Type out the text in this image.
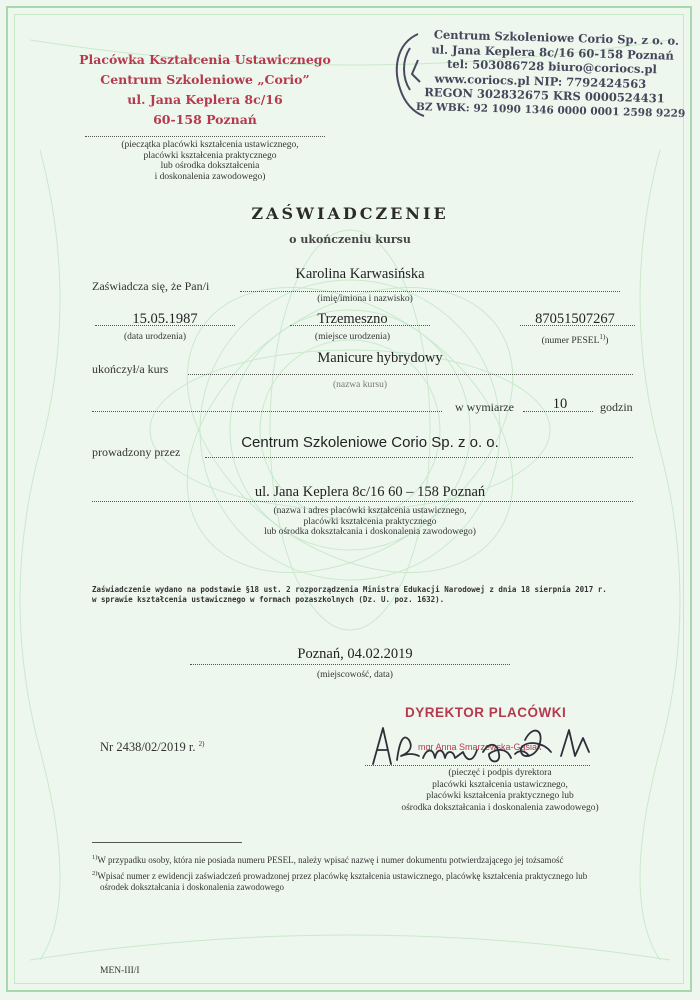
Placówka Kształcenia Ustawicznego
Centrum Szkoleniowe „Corio”
ul. Jana Keplera 8c/16
60-158 Poznań
(pieczątka placówki kształcenia ustawicznego,
placówki kształcenia praktycznego
lub ośrodka dokształcenia
i doskonalenia zawodowego)
Centrum Szkoleniowe Corio Sp. z o. o.
ul. Jana Keplera 8c/16 60-158 Poznań
tel: 503086728 biuro@coriocs.pl
www.coriocs.pl NIP: 7792424563
REGON 302832675 KRS 0000524431
BZ WBK: 92 1090 1346 0000 0001 2598 9229
ZAŚWIADCZENIE
o ukończeniu kursu
Zaświadcza się, że Pan/i
Karolina Karwasińska
(imię/imiona i nazwisko)
15.05.1987
(data urodzenia)
Trzemeszno
(miejsce urodzenia)
87051507267
(numer PESEL$^{1)}$)
ukończył/a kurs
Manicure hybrydowy
(nazwa kursu)
w wymiarze	10	godzin
prowadzony przez
Centrum Szkoleniowe Corio Sp. z o. o.
ul. Jana Keplera 8c/16 60 – 158 Poznań
(nazwa i adres placówki kształcenia ustawicznego,
placówki kształcenia praktycznego
lub ośrodka dokształcania i doskonalenia zawodowego)
Zaświadczenie wydano na podstawie §18 ust. 2 rozporządzenia Ministra Edukacji Narodowej z dnia 18 sierpnia 2017 r.
w sprawie kształcenia ustawicznego w formach pozaszkolnych (Dz. U. poz. 1632).
Poznań, 04.02.2019
(miejscowość, data)
DYREKTOR PLACÓWKI
mgr Anna Smarzewska-Gąsiak
(pieczęć i podpis dyrektora
placówki kształcenia ustawicznego,
placówki kształcenia praktycznego lub
ośrodka dokształcania i doskonalenia zawodowego)
Nr 2438/02/2019 r. $^{2)}$
$^{1)}$W przypadku osoby, która nie posiada numeru PESEL, należy wpisać nazwę i numer dokumentu potwierdzającego jej tożsamość
$^{2)}$Wpisać numer z ewidencji zaświadczeń prowadzonej przez placówkę kształcenia ustawicznego, placówkę kształcenia praktycznego lub
ośrodek dokształcania i doskonalenia zawodowego
MEN-III/I
